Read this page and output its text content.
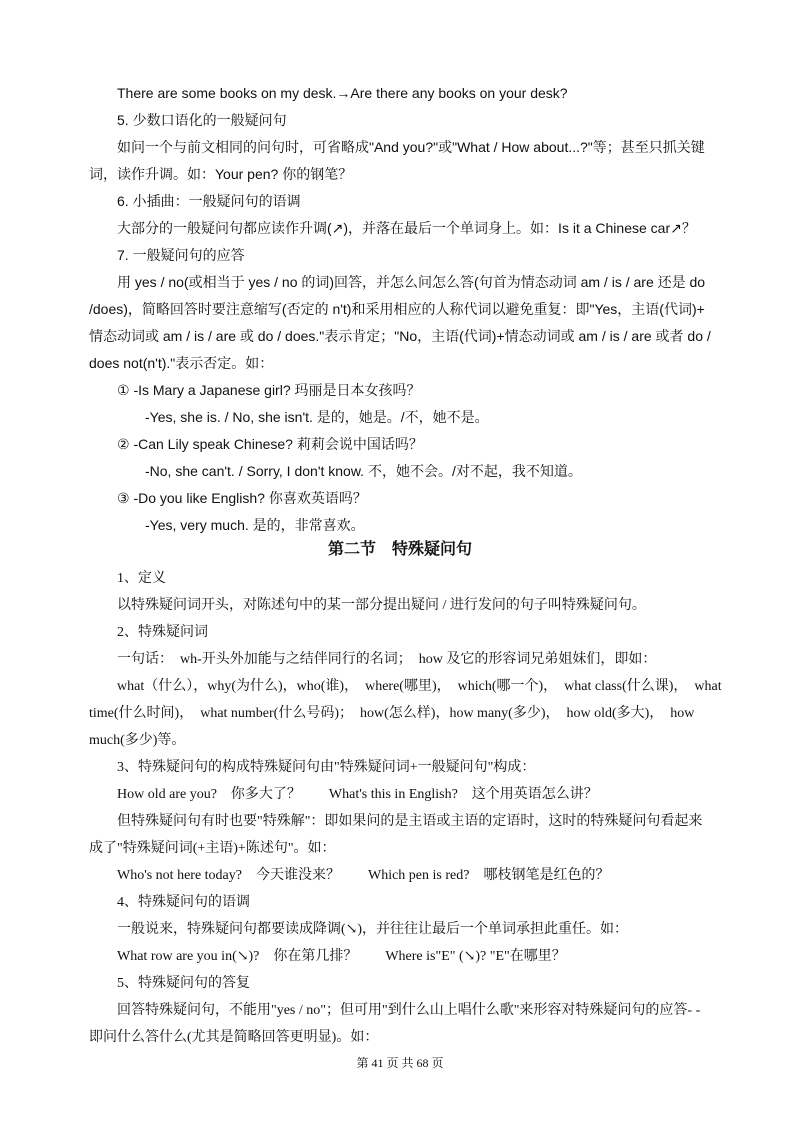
There are some books on my desk.→Are there any books on your desk?
5. 少数口语化的一般疑问句
如问一个与前文相同的问句时，可省略成"And you?"或"What / How about...?"等；甚至只抓关键
词，读作升调。如：Your pen? 你的钢笔？
6. 小插曲：一般疑问句的语调
大部分的一般疑问句都应读作升调(↗)，并落在最后一个单词身上。如：Is it a Chinese car↗？
7. 一般疑问句的应答
用 yes / no(或相当于 yes / no 的词)回答，并怎么问怎么答(句首为情态动词 am / is / are 还是 do
/does)，简略回答时要注意缩写(否定的 n't)和采用相应的人称代词以避免重复：即"Yes，主语(代词)+
情态动词或 am / is / are 或 do / does."表示肯定；"No，主语(代词)+情态动词或 am / is / are 或者 do /
does not(n't)."表示否定。如：
① -Is Mary a Japanese girl? 玛丽是日本女孩吗？
-Yes, she is. / No, she isn't. 是的，她是。/不，她不是。
② -Can Lily speak Chinese? 莉莉会说中国话吗？
-No, she can't. / Sorry, I don't know. 不，她不会。/对不起，我不知道。
③ -Do you like English? 你喜欢英语吗？
-Yes, very much. 是的，非常喜欢。
第二节　特殊疑问句
1、定义
以特殊疑问词开头，对陈述句中的某一部分提出疑问 / 进行发问的句子叫特殊疑问句。
2、特殊疑问词
一句话：　wh-开头外加能与之结伴同行的名词；　how 及它的形容词兄弟姐妹们，即如：
what（什么），why(为什么)，who(谁)，　where(哪里)，　which(哪一个)，　what class(什么课)，　what
time(什么时间)，　what number(什么号码)；　how(怎么样)，how many(多少)，　how old(多大)，　how
much(多少)等。
3、特殊疑问句的构成特殊疑问句由"特殊疑问词+一般疑问句"构成：
How old are you?　你多大了？　　What's this in English?　这个用英语怎么讲？
但特殊疑问句有时也要"特殊解"：即如果问的是主语或主语的定语时，这时的特殊疑问句看起来
成了"特殊疑问词(+主语)+陈述句"。如：
Who's not here today?　今天谁没来？　　Which pen is red?　哪枝钢笔是红色的？
4、特殊疑问句的语调
一般说来，特殊疑问句都要读成降调(↘)，并往往让最后一个单词承担此重任。如：
What row are you in(↘)?　你在第几排？　　Where is"E" (↘)? "E"在哪里？
5、特殊疑问句的答复
回答特殊疑问句，不能用"yes / no"；但可用"到什么山上唱什么歌"来形容对特殊疑问句的应答- -
即问什么答什么(尤其是简略回答更明显)。如：
第 41 页 共 68 页
